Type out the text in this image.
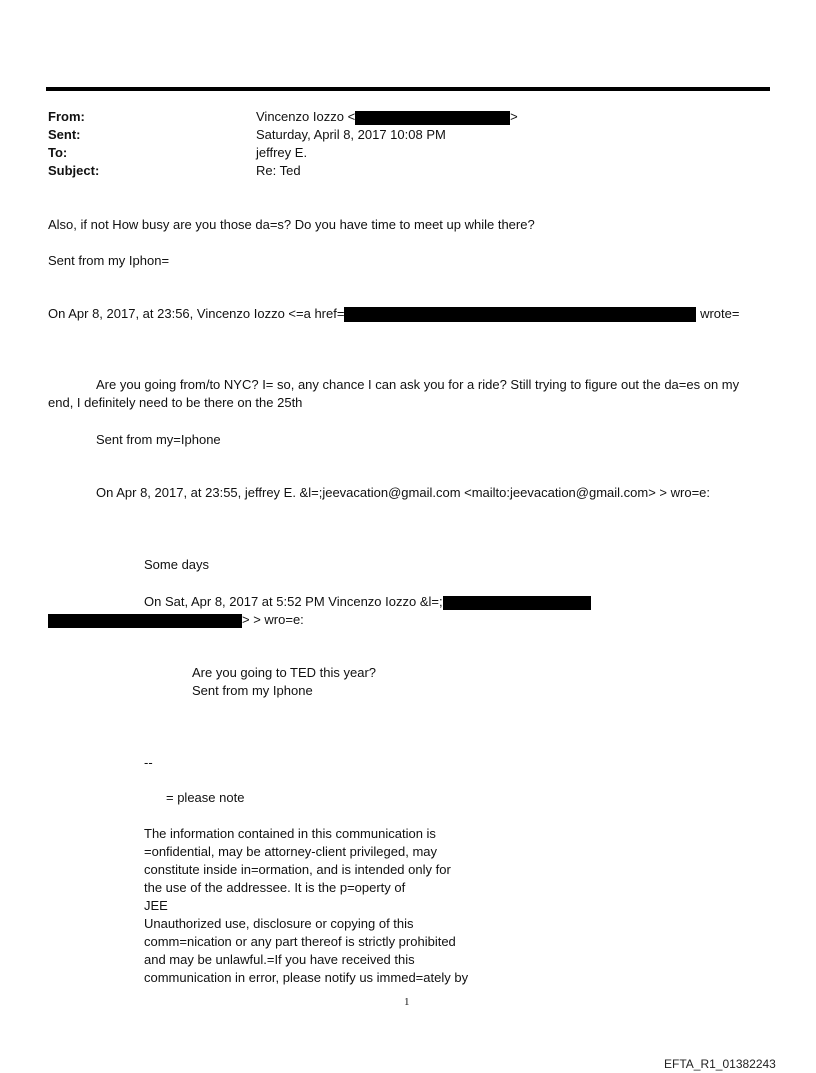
From:
Sent:
To:
Subject:
Vincenzo Iozzo <	>
Saturday, April 8, 2017 10:08 PM
jeffrey E.
Re: Ted
Also, if not How busy are you those da=s? Do you have time to meet up while there?
Sent from my Iphon=
On Apr 8, 2017, at 23:56, Vincenzo Iozzo <=a href=	wrote=
Are you going from/to NYC? I= so, any chance I can ask you for a ride? Still trying to figure out the da=es on my
end, I definitely need to be there on the 25th
Sent from my=Iphone
On Apr 8, 2017, at 23:55, jeffrey E. &l=;jeevacation@gmail.com <mailto:jeevacation@gmail.com> > wro=e:
Some days
On Sat, Apr 8, 2017 at 5:52 PM Vincenzo Iozzo &l=;
> > wro=e:
Are you going to TED this year?
Sent from my Iphone
--
= please note
The information contained in this communication is
=onfidential, may be attorney-client privileged, may
constitute inside in=ormation, and is intended only for
the use of the addressee. It is the p=operty of
JEE
Unauthorized use, disclosure or copying of this
comm=nication or any part thereof is strictly prohibited
and may be unlawful.=If you have received this
communication in error, please notify us immed=ately by
1
EFTA_R1_01382243
